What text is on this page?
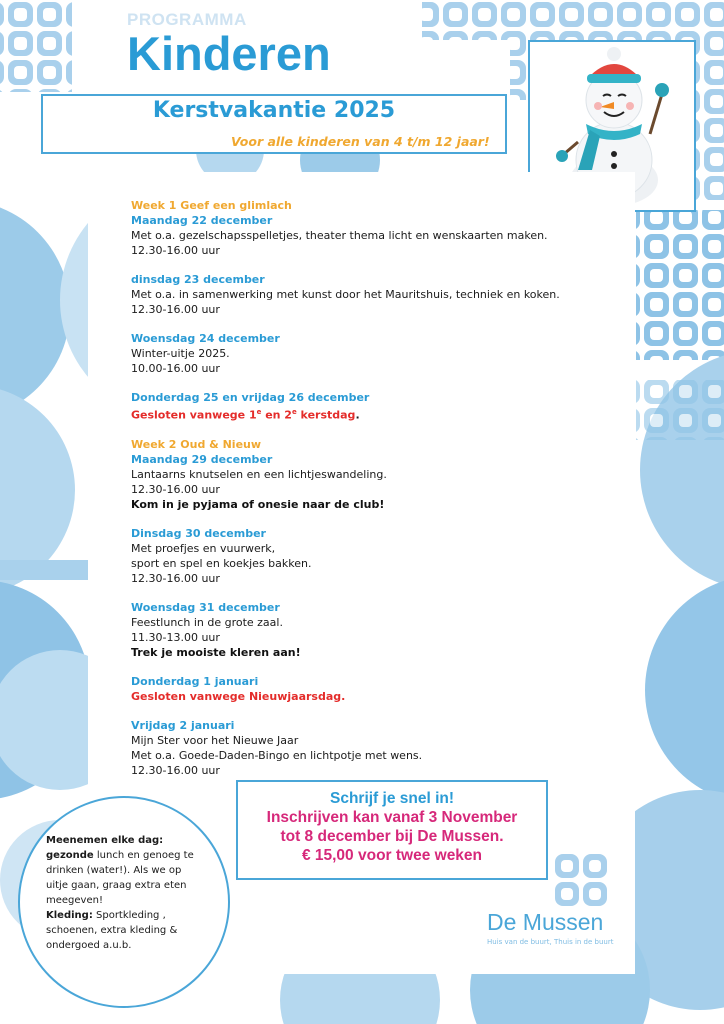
PROGRAMMA
Kinderen
Kerstvakantie 2025
Voor alle kinderen van 4 t/m 12 jaar!
Week 1 Geef een glimlach
Maandag 22 december
Met o.a. gezelschapsspelletjes, theater thema licht en wenskaarten maken.
12.30-16.00 uur
dinsdag 23 december
Met o.a. in samenwerking met kunst door het Mauritshuis, techniek en koken.
12.30-16.00 uur
Woensdag 24 december
Winter-uitje 2025.
10.00-16.00 uur
Donderdag 25 en vrijdag 26 december
Gesloten vanwege 1e en 2e kerstdag.
Week 2 Oud & Nieuw
Maandag 29 december
Lantaarns knutselen en een lichtjeswandeling.
12.30-16.00 uur
Kom in je pyjama of onesie naar de club!
Dinsdag 30 december
Met proefjes en vuurwerk,
sport en spel en koekjes bakken.
12.30-16.00 uur
Woensdag 31 december
Feestlunch in de grote zaal.
11.30-13.00 uur
Trek je mooiste kleren aan!
Donderdag 1 januari
Gesloten vanwege Nieuwjaarsdag.
Vrijdag 2 januari
Mijn Ster voor het Nieuwe Jaar
Met o.a. Goede-Daden-Bingo en lichtpotje met wens.
12.30-16.00 uur
Schrijf je snel in!
Inschrijven kan vanaf 3 November
tot 8 december bij De Mussen.
€ 15,00 voor twee weken
Meenemen elke dag:
gezonde lunch en genoeg te drinken (water!). Als we op uitje gaan, graag extra eten meegeven!
Kleding: Sportkleding , schoenen, extra kleding & ondergoed a.u.b.
De Mussen
Huis van de buurt, Thuis in de buurt
